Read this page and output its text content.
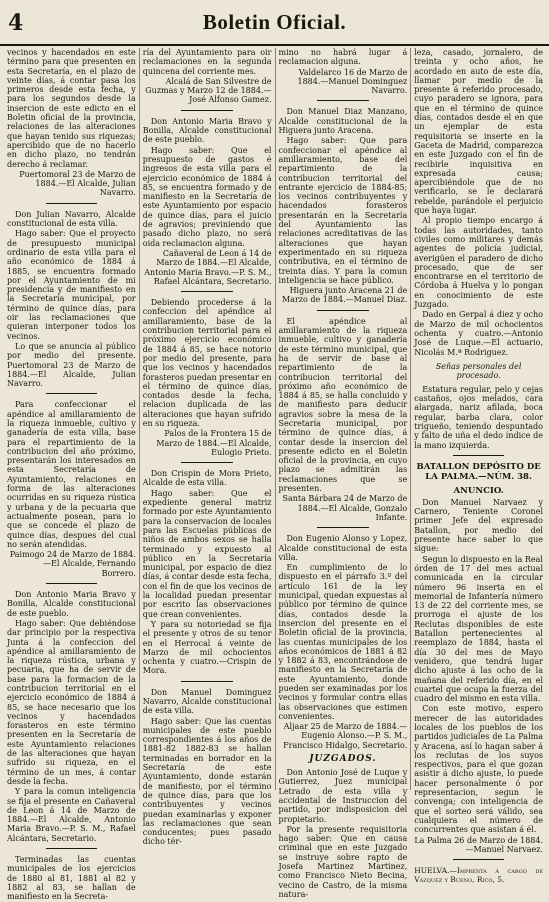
4	Boletin Oficial.

vecinos y hacendados en este término para que presenten en esta Secretaría, en el plazo de veinte días, á contar pasa los primeros desde esta fecha, y para los segundos desde la insercion de este edicto en el Boletin oficial de la provincia, relaciones de las alteraciones que hayan tenido sus riquezas; apercibido que de no hacerlo en dicho plazo, no tendrán derecho á reclamar.

Puertomoral 23 de Marzo de 1884.—El Alcalde, Julian Navarro.

Don Julian Navarro, Alcalde constitucional de esta villa.

Hago saber: Que el proyecto de presupuesto municipal ordinario de esta villa para el año económico de 1884 á 1885, se encuentra formado por el Ayuntamiento de mi presidencia y de manifiesto en la Secretaría municipal, por término de quince días, para oir las reclamaciones que quieran interponer todos los vecinos.

Lo que se anuncia al público por medio del presente. Puertomoral 23 de Marzo de 1884.—El Alcalde, Julian Navarro.

Para confeccionar el apéndice al amillaramiento de la riqueza inmueble, cultivo y ganadería de esta villa, base para el repartimiento de la contribucion del año próximo, presentarán los interesados en esta Secretaría de Ayuntamiento, relaciones en forma de las alteraciones ocurridas en su riqueza rústica y urbana y de la pecuaria que actualmente posean, para lo que se concede el plazo de quince días, despues del cual no serán atendidas.

Paimogo 24 de Marzo de 1884.—El Alcalde, Fernando Borrero.

Don Antonio Maria Bravo y Bonilla, Alcalde constitucional de este pueblo.

Hago saber: Que debiéndose dar principio por la respectiva Junta á la confeccion del apéndice al amillaramiento de la riqueza rústica, urbana y pecuaria, que ha de servir de base para la formacion de la contribucion territorial en el ejercicio económico de 1884 á 85, se hace necesario que los vecinos y hacendados forasteros en este término presenten en la Secretaría de este Ayuntamiento relaciones de las alteraciones que hayan sufrido su riqueza, en el término de un mes, á contar desde la fecha.

Y para la comun inteligencia se fija el presente en Cañaveral de Leon á 14 de Marzo de 1884.—El Alcalde, Antonio Maria Bravo.—P. S. M., Rafael Alcántara, Secretario.

Terminadas las cuentas municipales de los ejercicios de 1880 al 81, 1881 al 82 y 1882 al 83, se hallan de manifiesto en la Secreta-

ría del Ayuntamiento para oir reclamaciones en la segunda quincena del corriente mes.

Alcalá de San Silvestre de Guzmas y Marzo 12 de 1884.—José Alfonso Gamez.

Don Antonio Maria Bravo y Bonilla, Alcalde constitucional de este pueblo.

Hago saber: Que el presupuesto de gastos é ingresos de esta villa para el ejercicio económico de 1884 á 85, se encuentra formado y de manifiesto en la Secretaría de este Ayuntamiento por espacio de quince días, para el juicio de agravios; previniendo que pasado dicho plazo, no será oida reclamacion alguna.

Cañaveral de Leon á 14 de Marzo de 1884.—El Alcalde, Antonio Maria Bravo.—P. S. M., Rafael Alcántara, Secretario.

Debiendo procederse á la confeccion del apéndice al amillaramiento, base de la contribucion territorial para el próximo ejercicio económico de 1884 á 85, se hace notorio por medio del presente, para que los vecinos y hacendados forasteros puedan presentar en el término de quince días, contados desde la fecha, relacion duplicada de las alteraciones que hayan sufrido en su riqueza.

Palos de la Frontera 15 de Marzo de 1884.—El Alcalde, Eulogio Prieto.

Don Crispin de Mora Prieto, Alcalde de esta villa.

Hago saber: Que el expediente general matriz formado por este Ayuntamiento para la conservacion de locales para las Escuelas públicas de niños de ambos sexos se halla terminado y expuesto al público en la Secretaría municipal, por espacio de diez días, á contar desde esta fecha, con el fin de que los vecinos de la localidad puedan presentar por escrito las observaciones que crean convenientes.

Y para su notoriedad se fija el presente y otros de su tenor en el Herrocal á veinte de Marzo de mil ochocientos ochenta y cuatro.—Crispin de Mora.

Don Manuel Dominguez Navarro, Alcalde constitucional de esta villa.

Hago saber: Que las cuentas municipales de este pueblo correspondientes á los años de 1881-82 1882-83 se hallan terminadas en borrador en la Secretaría de este Ayuntamiento, donde estarán de manifiesto, por el término de quince días, para que los contribuyentes y vecinos puedan examinarlas y exponer las reclamaciones que sean conducentes; pues pasado dicho tér-

mino no habrá lugar á reclamacion alguna.

Valdelarco 16 de Marzo de 1884.—Manuel Dominguez Navarro.

Don Manuel Diaz Manzano, Alcalde constitucional de la Higuera junto Aracena.

Hago saber: Que para confeccionar el apéndice al amillaramiento, base del repartimiento de la contribucion territorial del entrante ejercicio de 1884-85; los vecinos contribuyentes y hacendados forasteros presentarán en la Secretaría del Ayuntamiento las relaciones acreditativas de las alteraciones que hayan experimentado en su riqueza contributiva, en el término de treinta días. Y para la comun inteligencia se hace público.

Higuera junto Aracena 21 de Marzo de 1884.—Manuel Diaz.

El apéndice al amillaramiento de la riqueza inmueble, cultivo y ganadería de este término municipal, que ha de servir de base al repartimiento de la contribucion territorial del próximo año económico de 1884 á 85, se halla concluido y de manifiesto para deducir agravios sobre la mesa de la Secretaría municipal, por término de quince días, á contar desde la insercion del presente edicto en el Boletin oficial de la provincia, en cuyo plazo se admitirán las reclamaciones que se presenten.

Santa Bárbara 24 de Marzo de 1884.—El Alcalde, Gonzalo Infante.

Don Eugenio Alonso y Lopez, Alcalde constitucional de esta villa.

En cumplimiento de lo dispuesto en el párrafo 3.º del artículo 161 de la ley municipal, quedan expuestas al público por término de quince días, contados desde la insercion del presente en el Boletin oficial de la provincia, las cuentas municipales de los años económicos de 1881 á 82 y 1882 á 83, encontrándose de manifiesto en la Secretaría de este Ayuntamiento, donde pueden ser examinadas por los vecinos y formular contra ellas las observaciones que estimen convenientes.

Aljaar 25 de Marzo de 1884.—Eugenio Alonso.—P. S. M., Francisco Hidalgo, Secretario.

JUZGADOS.

Don Antonio José de Luque y Gutierrez, Juez municipal Letrado de esta villa y accidental de Instruccion del partido, por indisposicion del propietario.

Por la presente requisitoria hago saber: Que en causa criminal que en este Juzgado se instruye sobre rapto de Josefa Martinez Martinez, como Francisco Nieto Becina, vecino de Castro, de la misma natura-

leza, casado, jornalero, de treinta y ocho años, he acordado en auto de este día, llamar por medio de la presente á referido procesado, cuyo paradero se ignora, para que en el término de quince días, contados desde el en que un ejemplar de esta requisitoria se inserte en la Gaceta de Madrid, comparezca en este Juzgado con el fin de recibirle inquisitiva en expresada causa; apercibiéndole que de no verificarlo, se le declarará rebelde, parándole el perjuicio que haya lugar.

Al propio tiempo encargo á todas las autoridades, tanto civiles como militares y demás agentes de policía judicial, averigüen el paradero de dicho procesado, que de ser encontrarse en el territorio de Córdoba á Huelva y lo pongan en conocimiento de este Juzgado.

Dado en Gerpal á diez y ocho de Marzo de mil ochocientos ochenta y cuatro.—Antonio José de Luque.—El actuario, Nicolás M.ª Rodriguez.

Señas personales del procesado.

Estatura regular, pelo y cejas castaños, ojos melados, cara alargada, nariz afilada, boca regular, barba clara, color trigueño, teniendo despuntado y falto de uña el dedo índice de la mano izquierda.

BATALLON DEPÓSITO DE LA PALMA.—NÚM. 38.
ANUNCIO.

Don Manuel Narvaez y Carnero, Teniente Coronel primer Jefe del expresado Batallon, por medio del presente hace saber lo que sigue:

Segun lo dispuesto en la Real órden de 17 del mes actual comunicada en la circular número 96 inserta en el memorial de Infantería número 13 de 22 del corriente mes, se prorroga el ajuste de los Reclutas disponibles de este Batallon pertenecientes al reemplazo de 1884, hasta el día 30 del mes de Mayo venidero, que tendrá lugar dicho ajuste á las ocho de la mañana del referido día, en el cuartel que ocupa la fuerza del cuadro del mismo en esta villa.

Con este motivo, espero merecer de las autoridades locales de los pueblos de los partidos judiciales de La Palma y Aracena, así lo hagan saber á los reclutas de los suyos respectivos, para el que gozan asistir á dicho ajuste, lo puede hacer personalmente ó por representacion, segun le convenga; con inteligencia de que el sorteo será válido, sea cualquiera el número de concurrentes que asistan á él.

La Palma 26 de Marzo de 1884.—Manuel Narvaez.

HUELVA.—Imprenta á cargo de Vázquez y Bueno, Rico, 5.
